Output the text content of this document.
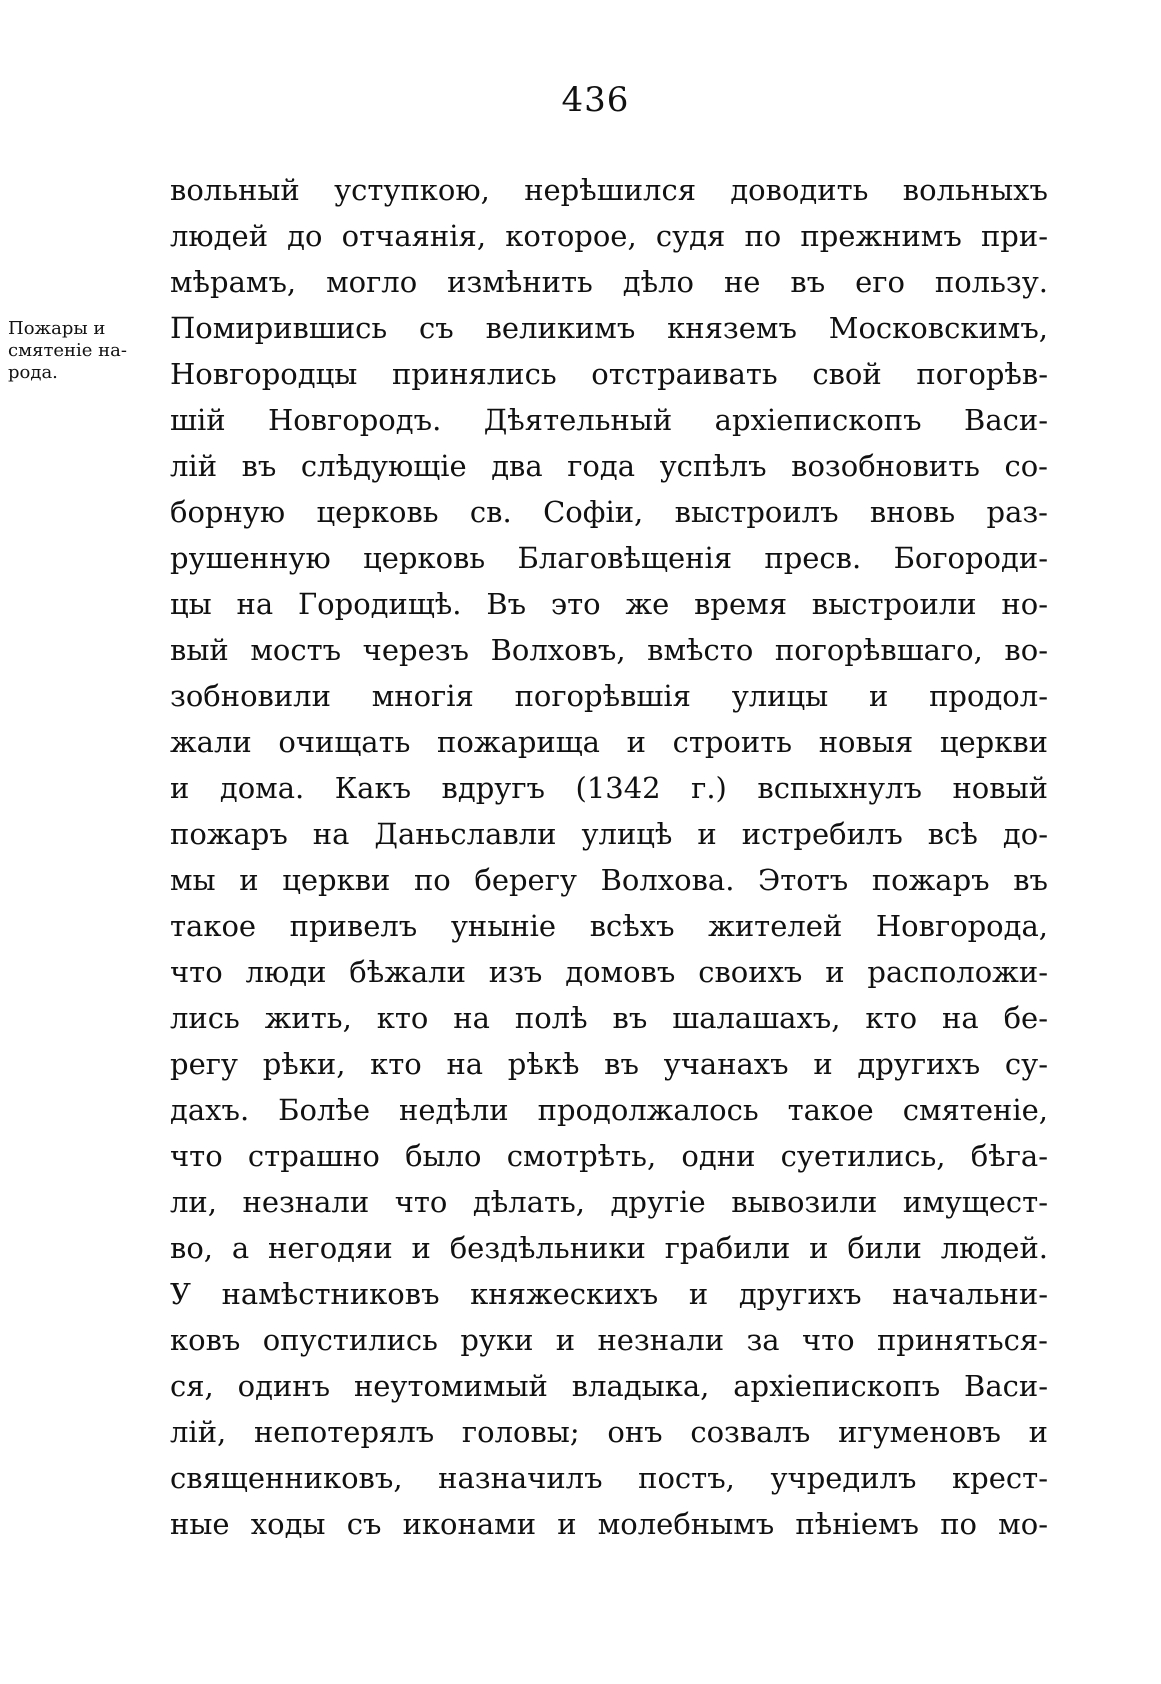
436
Пожары и
смятеніе на-
рода.
вольный уступкою, нерѣшился доводить вольныхъ
людей до отчаянія, которое, судя по прежнимъ при-
мѣрамъ, могло измѣнить дѣло не въ его пользу.
Помирившись съ великимъ княземъ Московскимъ,
Новгородцы принялись отстраивать свой погорѣв-
шій Новгородъ. Дѣятельный архіепископъ Васи-
лій въ слѣдующіе два года успѣлъ возобновить со-
борную церковь св. Софіи, выстроилъ вновь раз-
рушенную церковь Благовѣщенія пресв. Богороди-
цы на Городищѣ. Въ это же время выстроили но-
вый мостъ черезъ Волховъ, вмѣсто погорѣвшаго, во-
зобновили многія погорѣвшія улицы и продол-
жали очищать пожарища и строить новыя церкви
и дома. Какъ вдругъ (1342 г.) вспыхнулъ новый
пожаръ на Даньславли улицѣ и истребилъ всѣ до-
мы и церкви по берегу Волхова. Этотъ пожаръ въ
такое привелъ уныніе всѣхъ жителей Новгорода,
что люди бѣжали изъ домовъ своихъ и расположи-
лись жить, кто на полѣ въ шалашахъ, кто на бе-
регу рѣки, кто на рѣкѣ въ учанахъ и другихъ су-
дахъ. Болѣе недѣли продолжалось такое смятеніе,
что страшно было смотрѣть, одни суетились, бѣга-
ли, незнали что дѣлать, другіе вывозили имущест-
во, а негодяи и бездѣльники грабили и били людей.
У намѣстниковъ княжескихъ и другихъ начальни-
ковъ опустились руки и незнали за что приняться-
ся, одинъ неутомимый владыка, архіепископъ Васи-
лій, непотерялъ головы; онъ созвалъ игуменовъ и
священниковъ, назначилъ постъ, учредилъ крест-
ные ходы съ иконами и молебнымъ пѣніемъ по мо-
